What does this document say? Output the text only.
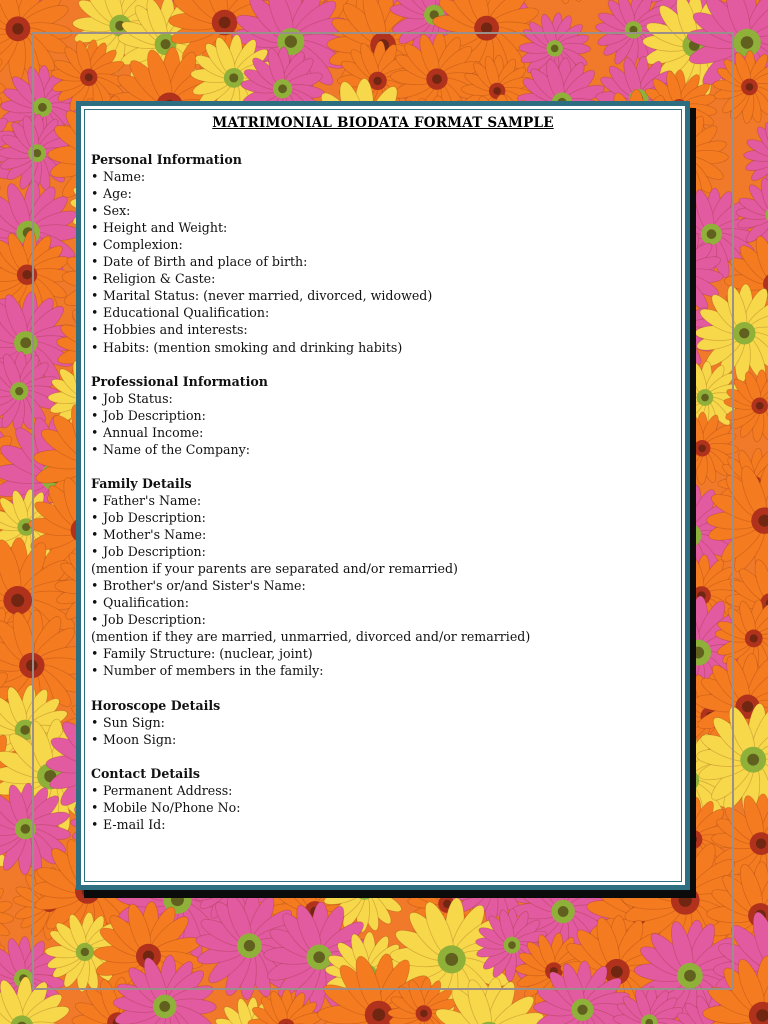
MATRIMONIAL BIODATA FORMAT SAMPLE
Personal Information
• Name:
• Age:
• Sex:
• Height and Weight:
• Complexion:
• Date of Birth and place of birth:
• Religion & Caste:
• Marital Status: (never married, divorced, widowed)
• Educational Qualification:
• Hobbies and interests:
• Habits: (mention smoking and drinking habits)
Professional Information
• Job Status:
• Job Description:
• Annual Income:
• Name of the Company:
Family Details
• Father's Name:
• Job Description:
• Mother's Name:
• Job Description:
(mention if your parents are separated and/or remarried)
• Brother's or/and Sister's Name:
• Qualification:
• Job Description:
(mention if they are married, unmarried, divorced and/or remarried)
• Family Structure: (nuclear, joint)
• Number of members in the family:
Horoscope Details
• Sun Sign:
• Moon Sign:
Contact Details
• Permanent Address:
• Mobile No/Phone No:
• E-mail Id:
